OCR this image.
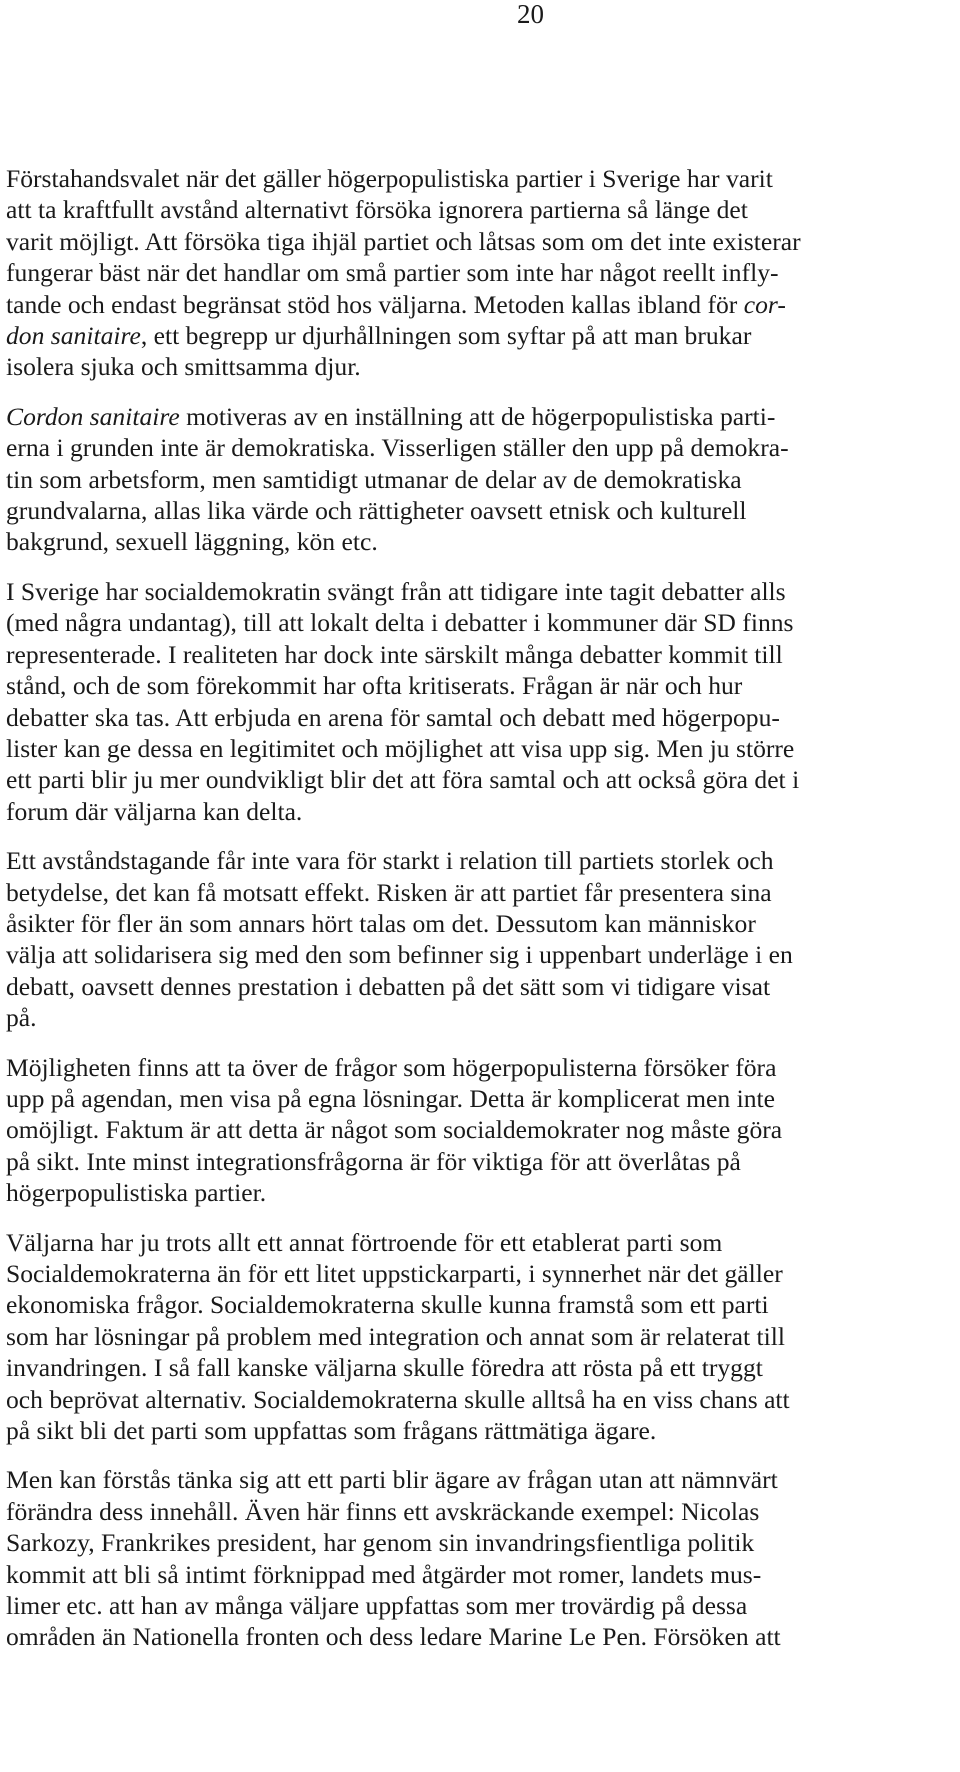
20

Förstahandsvalet när det gäller högerpopulistiska partier i Sverige har varit
att ta kraftfullt avstånd alternativt försöka ignorera partierna så länge det
varit möjligt. Att försöka tiga ihjäl partiet och låtsas som om det inte existerar
fungerar bäst när det handlar om små partier som inte har något reellt infly-
tande och endast begränsat stöd hos väljarna. Metoden kallas ibland för cor-
don sanitaire, ett begrepp ur djurhållningen som syftar på att man brukar
isolera sjuka och smittsamma djur.

Cordon sanitaire motiveras av en inställning att de högerpopulistiska parti-
erna i grunden inte är demokratiska. Visserligen ställer den upp på demokra-
tin som arbetsform, men samtidigt utmanar de delar av de demokratiska
grundvalarna, allas lika värde och rättigheter oavsett etnisk och kulturell
bakgrund, sexuell läggning, kön etc.

I Sverige har socialdemokratin svängt från att tidigare inte tagit debatter alls
(med några undantag), till att lokalt delta i debatter i kommuner där SD finns
representerade. I realiteten har dock inte särskilt många debatter kommit till
stånd, och de som förekommit har ofta kritiserats. Frågan är när och hur
debatter ska tas. Att erbjuda en arena för samtal och debatt med högerpopu-
lister kan ge dessa en legitimitet och möjlighet att visa upp sig. Men ju större
ett parti blir ju mer oundvikligt blir det att föra samtal och att också göra det i
forum där väljarna kan delta.

Ett avståndstagande får inte vara för starkt i relation till partiets storlek och
betydelse, det kan få motsatt effekt. Risken är att partiet får presentera sina
åsikter för fler än som annars hört talas om det. Dessutom kan människor
välja att solidarisera sig med den som befinner sig i uppenbart underläge i en
debatt, oavsett dennes prestation i debatten på det sätt som vi tidigare visat
på.

Möjligheten finns att ta över de frågor som högerpopulisterna försöker föra
upp på agendan, men visa på egna lösningar. Detta är komplicerat men inte
omöjligt. Faktum är att detta är något som socialdemokrater nog måste göra
på sikt. Inte minst integrationsfrågorna är för viktiga för att överlåtas på
högerpopulistiska partier.

Väljarna har ju trots allt ett annat förtroende för ett etablerat parti som
Socialdemokraterna än för ett litet uppstickarparti, i synnerhet när det gäller
ekonomiska frågor. Socialdemokraterna skulle kunna framstå som ett parti
som har lösningar på problem med integration och annat som är relaterat till
invandringen. I så fall kanske väljarna skulle föredra att rösta på ett tryggt
och beprövat alternativ. Socialdemokraterna skulle alltså ha en viss chans att
på sikt bli det parti som uppfattas som frågans rättmätiga ägare.

Men kan förstås tänka sig att ett parti blir ägare av frågan utan att nämnvärt
förändra dess innehåll. Även här finns ett avskräckande exempel: Nicolas
Sarkozy, Frankrikes president, har genom sin invandringsfientliga politik
kommit att bli så intimt förknippad med åtgärder mot romer, landets mus-
limer etc. att han av många väljare uppfattas som mer trovärdig på dessa
områden än Nationella fronten och dess ledare Marine Le Pen. Försöken att
